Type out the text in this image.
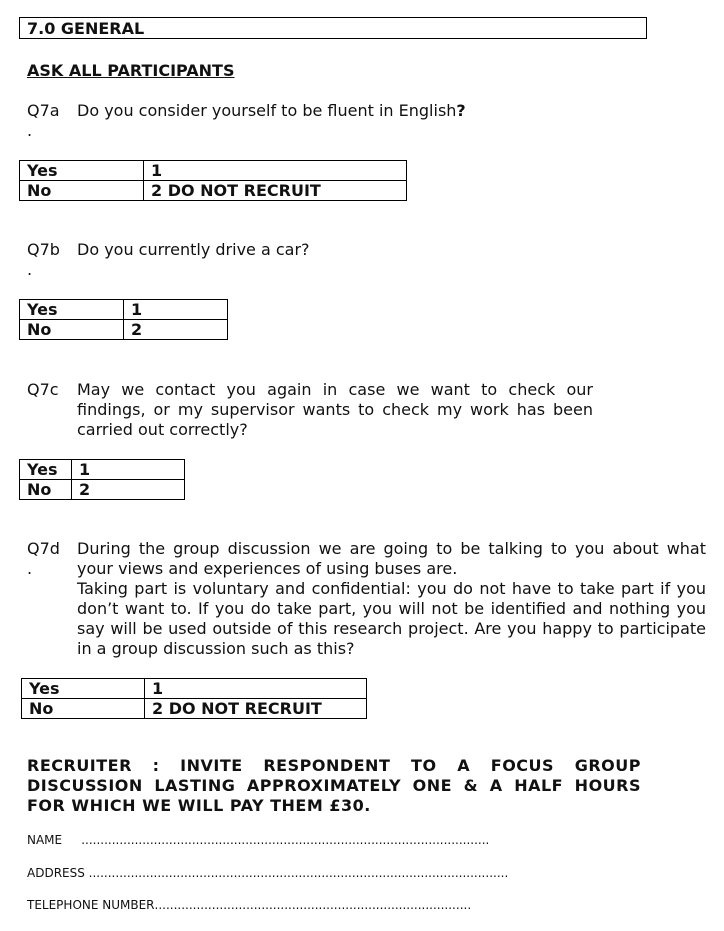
7.0 GENERAL
ASK ALL PARTICIPANTS
Q7a
.
Do you consider yourself to be fluent in English?
Yes	1
No	2 DO NOT RECRUIT
Q7b
.
Do you currently drive a car?
Yes	1
No	2
Q7c May we contact you again in case we want to check our findings, or my supervisor wants to check my work has been carried out correctly?
Yes	1
No	2
Q7d
.
During the group discussion we are going to be talking to you about what your views and experiences of using buses are.
Taking part is voluntary and confidential: you do not have to take part if you don’t want to. If you do take part, you will not be identified and nothing you say will be used outside of this research project. Are you happy to participate in a group discussion such as this?
Yes	1
No	2 DO NOT RECRUIT
RECRUITER : INVITE RESPONDENT TO A FOCUS GROUP DISCUSSION LASTING APPROXIMATELY ONE & A HALF HOURS FOR WHICH WE WILL PAY THEM £30.
NAME ...........................................................................................................
ADDRESS ..............................................................................................................
TELEPHONE NUMBER...................................................................................
